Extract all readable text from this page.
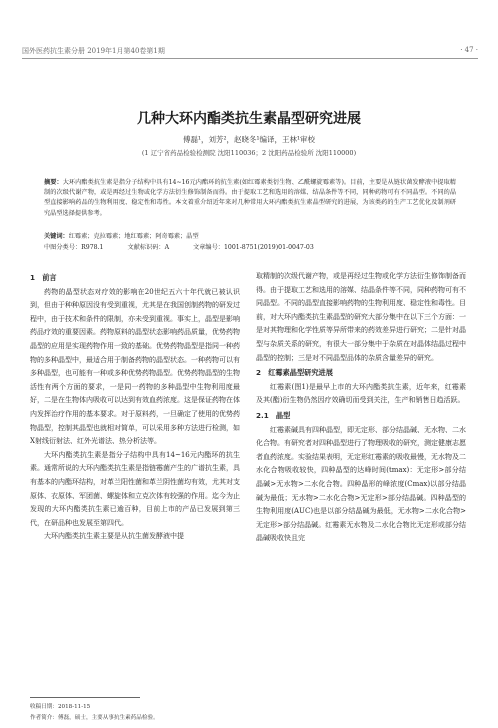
国外医药抗生素分册 2019年1月第40卷第1期	· 47 ·
几种大环内酯类抗生素晶型研究进展
傅磊¹，刘芳²，赵晓冬¹编译，王林¹审校
(1 辽宁省药品检验检测院 沈阳110036；2 沈阳药品检验所 沈阳110000)
摘要：大环内酯类抗生素是指分子结构中具有14~16元内酯环的抗生素(如红霉素类衍生物、乙酰螺旋霉素等)。目前，主要是从链状菌发酵液中提取精制的次级代谢产物，或是再经过生物或化学方法衍生修饰制备而得。由于提取工艺和选用的溶媒、结晶条件等不同，同种药物可有不同晶型。不同的晶型直接影响药品的生物利用度、稳定性和毒性。本文着重介绍近年来对几种常用大环内酯类抗生素晶型研究的进展，为该类药的生产工艺优化及制剂研究晶型选择提供参考。
关键词：红霉素；克拉霉素；地红霉素；阿奇霉素；晶型
中图分类号：R978.1	文献标识码：A	文章编号：1001-8751(2019)01-0047-03
1　前言

药物的晶型状态对疗效的影响在20世纪五六十年代就已被认识到，但由于种种原因没有受到重视，尤其是在我国创制药物的研发过程中，由于技术和条件的限制，亦未受到重视。事实上，晶型是影响药品疗效的重要因素。药物原料的晶型状态影响药品质量，优势药物晶型的应用是实现药物作用一致的基础。优势药物晶型是指同一种药物的多种晶型中，最适合用于制备药物的晶型状态。一种药物可以有多种晶型，也可能有一种或多种优势药物晶型。优势药物晶型的生物活性有两个方面的要求，一是同一药物的多种晶型中生物利用度最好，二是在生物体内吸收可以达到有效血药浓度。这是保证药物在体内发挥治疗作用的基本要求。对于原料药，一旦确定了使用的优势药物晶型，控制其晶型也就相对简单，可以采用多种方法进行检测，如X射线衍射法、红外光谱法、热分析法等。

大环内酯类抗生素是指分子结构中具有14~16元内酯环的抗生素。通常所说的大环内酯类抗生素是指链霉菌产生的广谱抗生素，具有基本的内酯环结构，对革兰阳性菌和革兰阴性菌均有效，尤其对支原体、衣原体、军团菌、螺旋体和立克次体有较强的作用。迄今为止发现的大环内酯类抗生素已逾百种，目前上市的产品已发展到第三代，在研品种也发展至第四代。

大环内酯类抗生素主要是从抗生菌发酵液中提

取精制的次级代谢产物，或是再经过生物或化学方法衍生修饰制备而得。由于提取工艺和选用的溶媒、结晶条件等不同，同种药物可有不同晶型。不同的晶型直接影响药物的生物利用度、稳定性和毒性。目前，对大环内酯类抗生素晶型的研究大部分集中在以下三个方面：一是对其物理和化学性质等异所带来的药效差异进行研究；二是针对晶型与杂质关系的研究，有很大一部分集中于杂质在对晶体结晶过程中晶型的控制；三是对不同晶型品体的杂质含量差异的研究。

2　红霉素晶型研究进展

红霉素(图1)是最早上市的大环内酯类抗生素，近年来，红霉素及其(酯)衍生物仍然因疗效确切而受到关注，生产和销售日趋活跃。

2.1　晶型

红霉素碱具有四种晶型，即无定形、部分结晶碱、无水物、二水化合物。有研究者对四种晶型进行了物理吸收的研究，测定健康志愿者血药浓度。实验结果表明，无定形红霉素的吸收最慢，无水物及二水化合物吸收较快，四种晶型的达峰时间(tmax)：无定形>部分结晶碱>无水物>二水化合物。四种晶形的峰浓度(Cmax)以部分结晶碱为最低；无水物>二水化合物>无定形>部分结晶碱。四种晶型的生物利用度(AUC)也是以部分结晶碱为最低，无水物>二水化合物>无定形>部分结晶碱。红霉素无水物及二水化合物比无定形或部分结晶碱吸收快且完

收稿日期：2018-11-15
作者简介：傅磊，硕士，主要从事抗生素药品检验。
